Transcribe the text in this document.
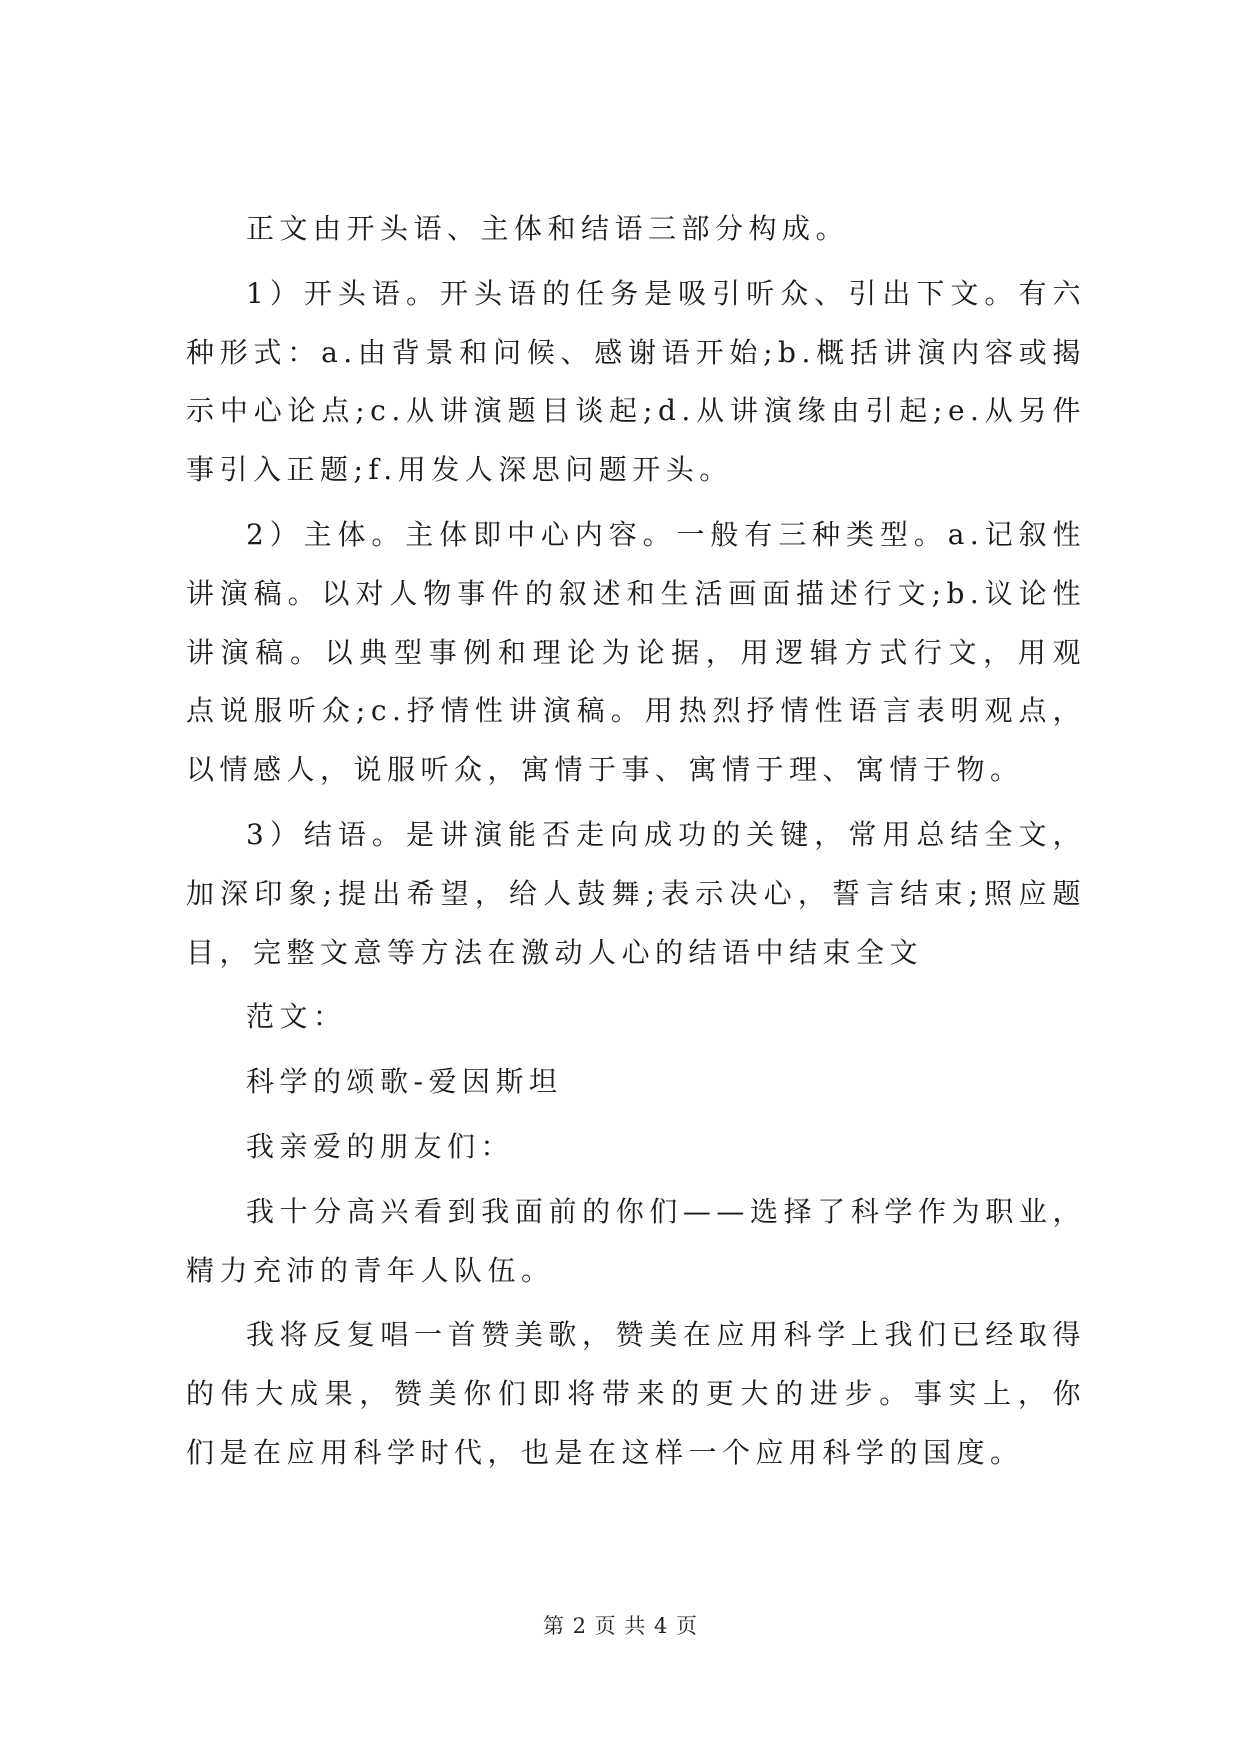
正文由开头语、主体和结语三部分构成。

1）开头语。开头语的任务是吸引听众、引出下文。有六种形式：a.由背景和问候、感谢语开始;b.概括讲演内容或揭示中心论点;c.从讲演题目谈起;d.从讲演缘由引起;e.从另件事引入正题;f.用发人深思问题开头。

2）主体。主体即中心内容。一般有三种类型。a.记叙性讲演稿。以对人物事件的叙述和生活画面描述行文;b.议论性讲演稿。以典型事例和理论为论据，用逻辑方式行文，用观点说服听众;c.抒情性讲演稿。用热烈抒情性语言表明观点，以情感人，说服听众，寓情于事、寓情于理、寓情于物。

3）结语。是讲演能否走向成功的关键，常用总结全文，加深印象;提出希望，给人鼓舞;表示决心，誓言结束;照应题目，完整文意等方法在激动人心的结语中结束全文

范文：

科学的颂歌-爱因斯坦

我亲爱的朋友们：

我十分高兴看到我面前的你们——选择了科学作为职业，精力充沛的青年人队伍。

我将反复唱一首赞美歌，赞美在应用科学上我们已经取得的伟大成果，赞美你们即将带来的更大的进步。事实上，你们是在应用科学时代，也是在这样一个应用科学的国度。

第 2 页 共 4 页
